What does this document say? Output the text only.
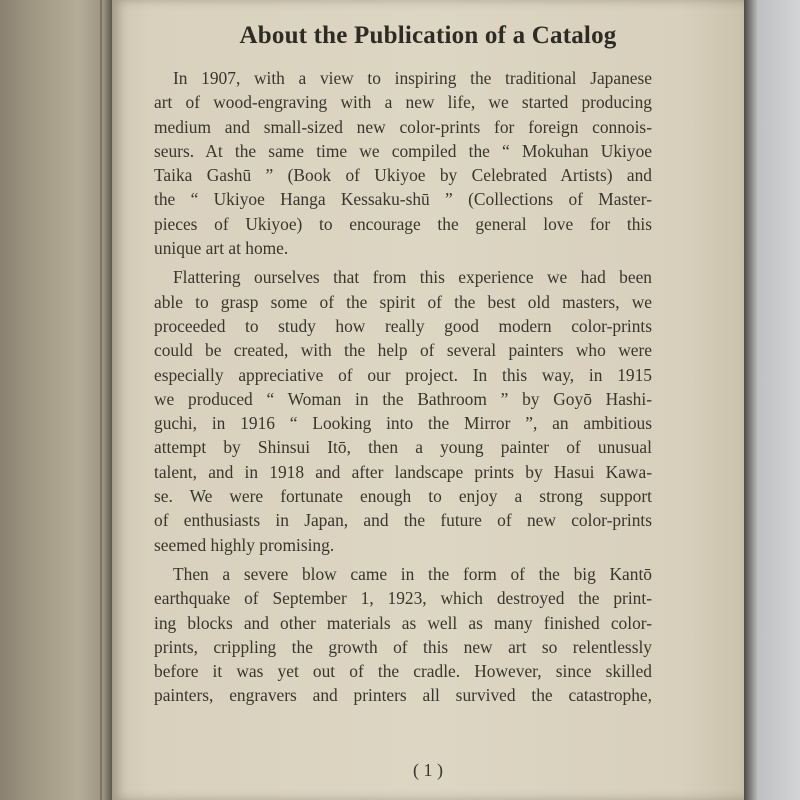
About the Publication of a Catalog
In 1907, with a view to inspiring the traditional Japanese
art of wood-engraving with a new life, we started producing
medium and small-sized new color-prints for foreign connois-
seurs. At the same time we compiled the “ Mokuhan Ukiyoe
Taika Gashū ” (Book of Ukiyoe by Celebrated Artists) and
the “ Ukiyoe Hanga Kessaku-shū ” (Collections of Master-
pieces of Ukiyoe) to encourage the general love for this
unique art at home.
Flattering ourselves that from this experience we had been
able to grasp some of the spirit of the best old masters, we
proceeded to study how really good modern color-prints
could be created, with the help of several painters who were
especially appreciative of our project. In this way, in 1915
we produced “ Woman in the Bathroom ” by Goyō Hashi-
guchi, in 1916 “ Looking into the Mirror ”, an ambitious
attempt by Shinsui Itō, then a young painter of unusual
talent, and in 1918 and after landscape prints by Hasui Kawa-
se. We were fortunate enough to enjoy a strong support
of enthusiasts in Japan, and the future of new color-prints
seemed highly promising.
Then a severe blow came in the form of the big Kantō
earthquake of September 1, 1923, which destroyed the print-
ing blocks and other materials as well as many finished color-
prints, crippling the growth of this new art so relentlessly
before it was yet out of the cradle. However, since skilled
painters, engravers and printers all survived the catastrophe,
( 1 )
